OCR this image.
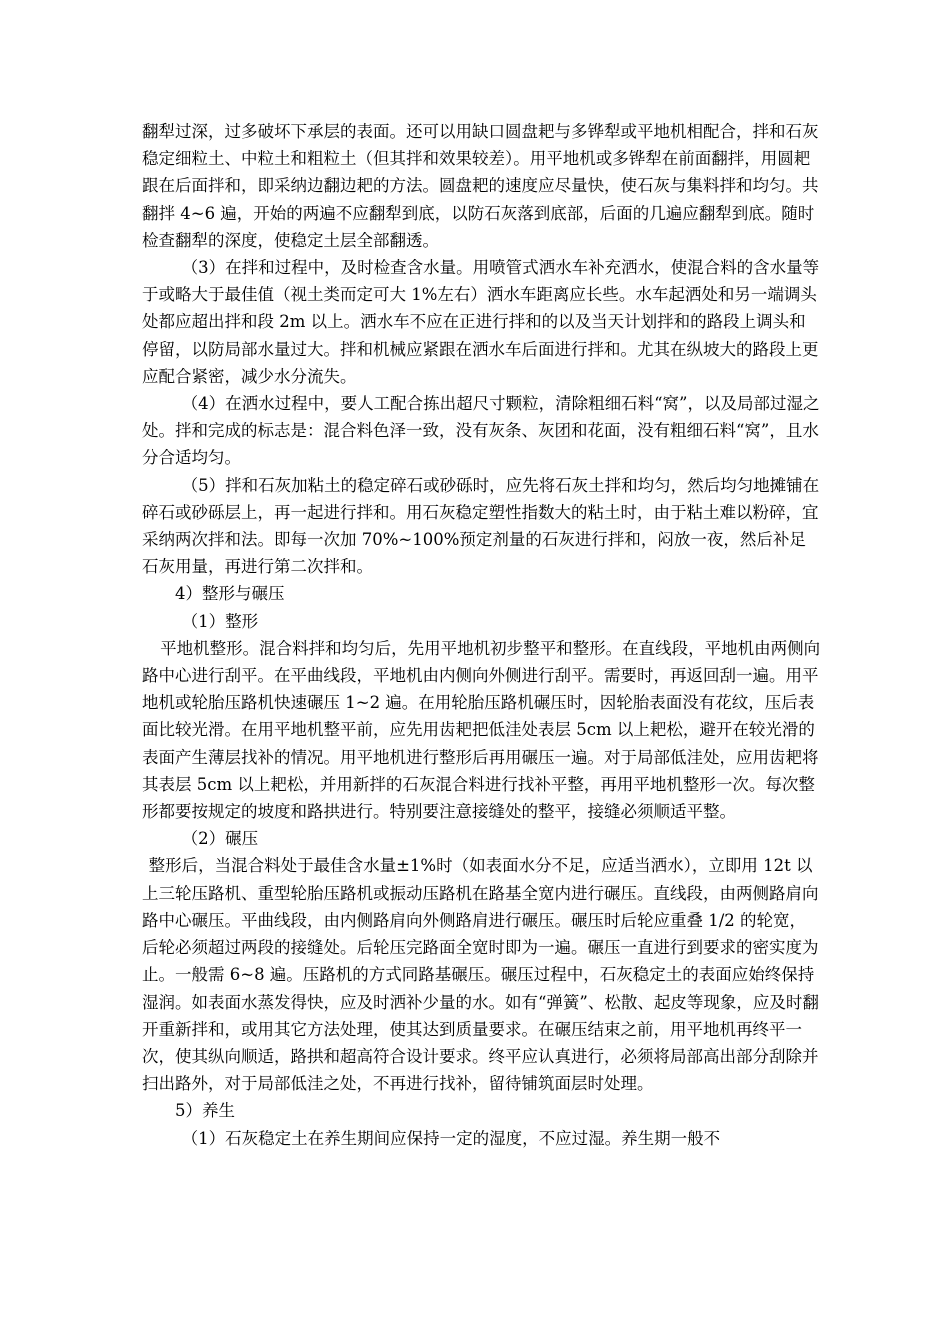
翻犁过深，过多破坏下承层的表面。还可以用缺口圆盘耙与多铧犁或平地机相配合，拌和石灰稳定细粒土、中粒土和粗粒土（但其拌和效果较差）。用平地机或多铧犁在前面翻拌，用圆耙跟在后面拌和，即采纳边翻边耙的方法。圆盘耙的速度应尽量快，使石灰与集料拌和均匀。共翻拌 4~6 遍，开始的两遍不应翻犁到底，以防石灰落到底部，后面的几遍应翻犁到底。随时检查翻犁的深度，使稳定土层全部翻透。

（3）在拌和过程中，及时检查含水量。用喷管式洒水车补充洒水，使混合料的含水量等于或略大于最佳值（视土类而定可大 1%左右）洒水车距离应长些。水车起洒处和另一端调头处都应超出拌和段 2m 以上。洒水车不应在正进行拌和的以及当天计划拌和的路段上调头和停留，以防局部水量过大。拌和机械应紧跟在洒水车后面进行拌和。尤其在纵坡大的路段上更应配合紧密，减少水分流失。

（4）在洒水过程中，要人工配合拣出超尺寸颗粒，清除粗细石料“窝”，以及局部过湿之处。拌和完成的标志是：混合料色泽一致，没有灰条、灰团和花面，没有粗细石料“窝”，且水分合适均匀。

（5）拌和石灰加粘土的稳定碎石或砂砾时，应先将石灰土拌和均匀，然后均匀地摊铺在碎石或砂砾层上，再一起进行拌和。用石灰稳定塑性指数大的粘土时，由于粘土难以粉碎，宜采纳两次拌和法。即每一次加 70%~100%预定剂量的石灰进行拌和，闷放一夜，然后补足石灰用量，再进行第二次拌和。

4）整形与碾压

（1）整形

平地机整形。混合料拌和均匀后，先用平地机初步整平和整形。在直线段，平地机由两侧向路中心进行刮平。在平曲线段，平地机由内侧向外侧进行刮平。需要时，再返回刮一遍。用平地机或轮胎压路机快速碾压 1~2 遍。在用轮胎压路机碾压时，因轮胎表面没有花纹，压后表面比较光滑。在用平地机整平前，应先用齿耙把低洼处表层 5cm 以上耙松，避开在较光滑的表面产生薄层找补的情况。用平地机进行整形后再用碾压一遍。对于局部低洼处，应用齿耙将其表层 5cm 以上耙松，并用新拌的石灰混合料进行找补平整，再用平地机整形一次。每次整形都要按规定的坡度和路拱进行。特别要注意接缝处的整平，接缝必须顺适平整。

（2）碾压

整形后，当混合料处于最佳含水量±1%时（如表面水分不足，应适当洒水），立即用 12t 以上三轮压路机、重型轮胎压路机或振动压路机在路基全宽内进行碾压。直线段，由两侧路肩向路中心碾压。平曲线段，由内侧路肩向外侧路肩进行碾压。碾压时后轮应重叠 1/2 的轮宽，后轮必须超过两段的接缝处。后轮压完路面全宽时即为一遍。碾压一直进行到要求的密实度为止。一般需 6~8 遍。压路机的方式同路基碾压。碾压过程中，石灰稳定土的表面应始终保持湿润。如表面水蒸发得快，应及时洒补少量的水。如有“弹簧”、松散、起皮等现象，应及时翻开重新拌和，或用其它方法处理，使其达到质量要求。在碾压结束之前，用平地机再终平一次，使其纵向顺适，路拱和超高符合设计要求。终平应认真进行，必须将局部高出部分刮除并扫出路外，对于局部低洼之处，不再进行找补，留待铺筑面层时处理。

5）养生

（1）石灰稳定土在养生期间应保持一定的湿度，不应过湿。养生期一般不
